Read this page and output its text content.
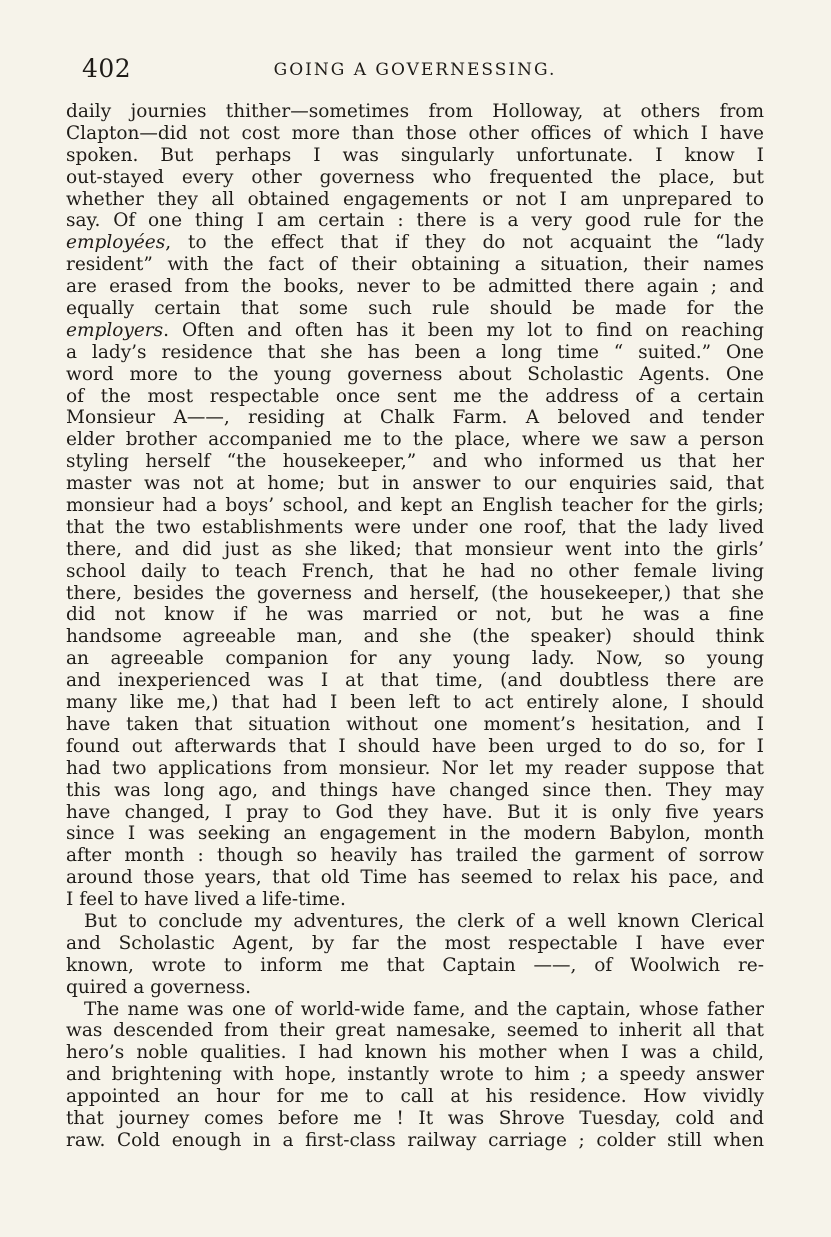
402	GOING A GOVERNESSING.
daily journies thither—sometimes from Holloway, at others from
Clapton—did not cost more than those other offices of which I have
spoken. But perhaps I was singularly unfortunate. I know I
out-stayed every other governess who frequented the place, but
whether they all obtained engagements or not I am unprepared to
say. Of one thing I am certain : there is a very good rule for the
employées, to the effect that if they do not acquaint the “lady
resident” with the fact of their obtaining a situation, their names
are erased from the books, never to be admitted there again ; and
equally certain that some such rule should be made for the
employers. Often and often has it been my lot to find on reaching
a lady’s residence that she has been a long time “ suited.” One
word more to the young governess about Scholastic Agents. One
of the most respectable once sent me the address of a certain
Monsieur A——, residing at Chalk Farm. A beloved and tender
elder brother accompanied me to the place, where we saw a person
styling herself “the housekeeper,” and who informed us that her
master was not at home; but in answer to our enquiries said, that
monsieur had a boys’ school, and kept an English teacher for the girls;
that the two establishments were under one roof, that the lady lived
there, and did just as she liked; that monsieur went into the girls’
school daily to teach French, that he had no other female living
there, besides the governess and herself, (the housekeeper,) that she
did not know if he was married or not, but he was a fine
handsome agreeable man, and she (the speaker) should think
an agreeable companion for any young lady. Now, so young
and inexperienced was I at that time, (and doubtless there are
many like me,) that had I been left to act entirely alone, I should
have taken that situation without one moment’s hesitation, and I
found out afterwards that I should have been urged to do so, for I
had two applications from monsieur. Nor let my reader suppose that
this was long ago, and things have changed since then. They may
have changed, I pray to God they have. But it is only five years
since I was seeking an engagement in the modern Babylon, month
after month : though so heavily has trailed the garment of sorrow
around those years, that old Time has seemed to relax his pace, and
I feel to have lived a life-time.
But to conclude my adventures, the clerk of a well known Clerical
and Scholastic Agent, by far the most respectable I have ever
known, wrote to inform me that Captain ——, of Woolwich re-
quired a governess.
The name was one of world-wide fame, and the captain, whose father
was descended from their great namesake, seemed to inherit all that
hero’s noble qualities. I had known his mother when I was a child,
and brightening with hope, instantly wrote to him ; a speedy answer
appointed an hour for me to call at his residence. How vividly
that journey comes before me ! It was Shrove Tuesday, cold and
raw. Cold enough in a first-class railway carriage ; colder still when
